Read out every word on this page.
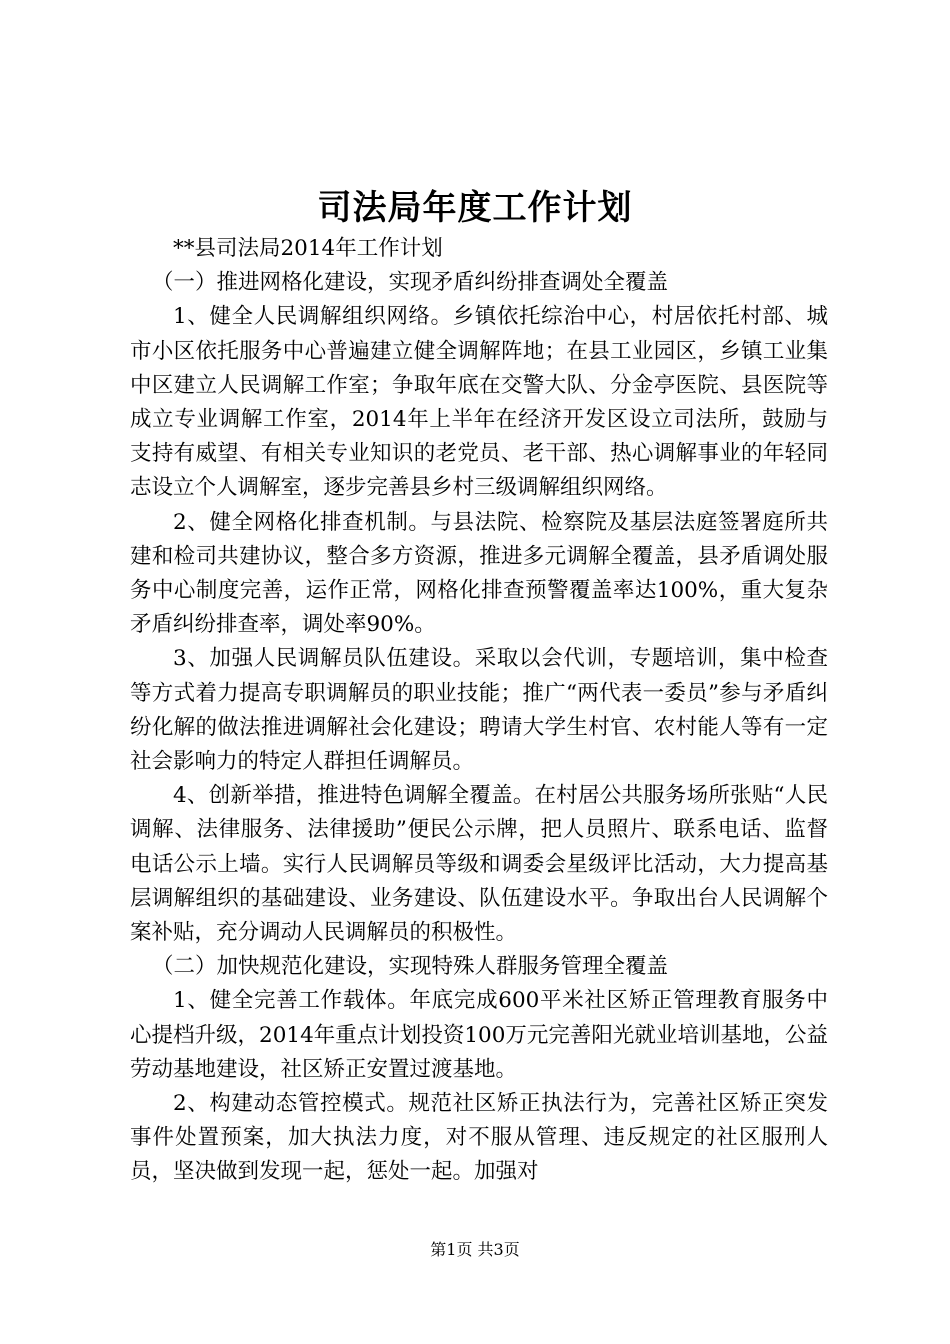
司法局年度工作计划

**县司法局2014年工作计划

（一）推进网格化建设，实现矛盾纠纷排查调处全覆盖

1、健全人民调解组织网络。乡镇依托综治中心，村居依托村部、城市小区依托服务中心普遍建立健全调解阵地；在县工业园区，乡镇工业集中区建立人民调解工作室；争取年底在交警大队、分金亭医院、县医院等成立专业调解工作室，2014年上半年在经济开发区设立司法所，鼓励与支持有威望、有相关专业知识的老党员、老干部、热心调解事业的年轻同志设立个人调解室，逐步完善县乡村三级调解组织网络。

2、健全网格化排查机制。与县法院、检察院及基层法庭签署庭所共建和检司共建协议，整合多方资源，推进多元调解全覆盖，县矛盾调处服务中心制度完善，运作正常，网格化排查预警覆盖率达100%，重大复杂矛盾纠纷排查率，调处率90%。

3、加强人民调解员队伍建设。采取以会代训，专题培训，集中检查等方式着力提高专职调解员的职业技能；推广“两代表一委员”参与矛盾纠纷化解的做法推进调解社会化建设；聘请大学生村官、农村能人等有一定社会影响力的特定人群担任调解员。

4、创新举措，推进特色调解全覆盖。在村居公共服务场所张贴“人民调解、法律服务、法律援助”便民公示牌，把人员照片、联系电话、监督电话公示上墙。实行人民调解员等级和调委会星级评比活动，大力提高基层调解组织的基础建设、业务建设、队伍建设水平。争取出台人民调解个案补贴，充分调动人民调解员的积极性。

（二）加快规范化建设，实现特殊人群服务管理全覆盖

1、健全完善工作载体。年底完成600平米社区矫正管理教育服务中心提档升级，2014年重点计划投资100万元完善阳光就业培训基地，公益劳动基地建设，社区矫正安置过渡基地。

2、构建动态管控模式。规范社区矫正执法行为，完善社区矫正突发事件处置预案，加大执法力度，对不服从管理、违反规定的社区服刑人员，坚决做到发现一起，惩处一起。加强对

第1页 共3页
